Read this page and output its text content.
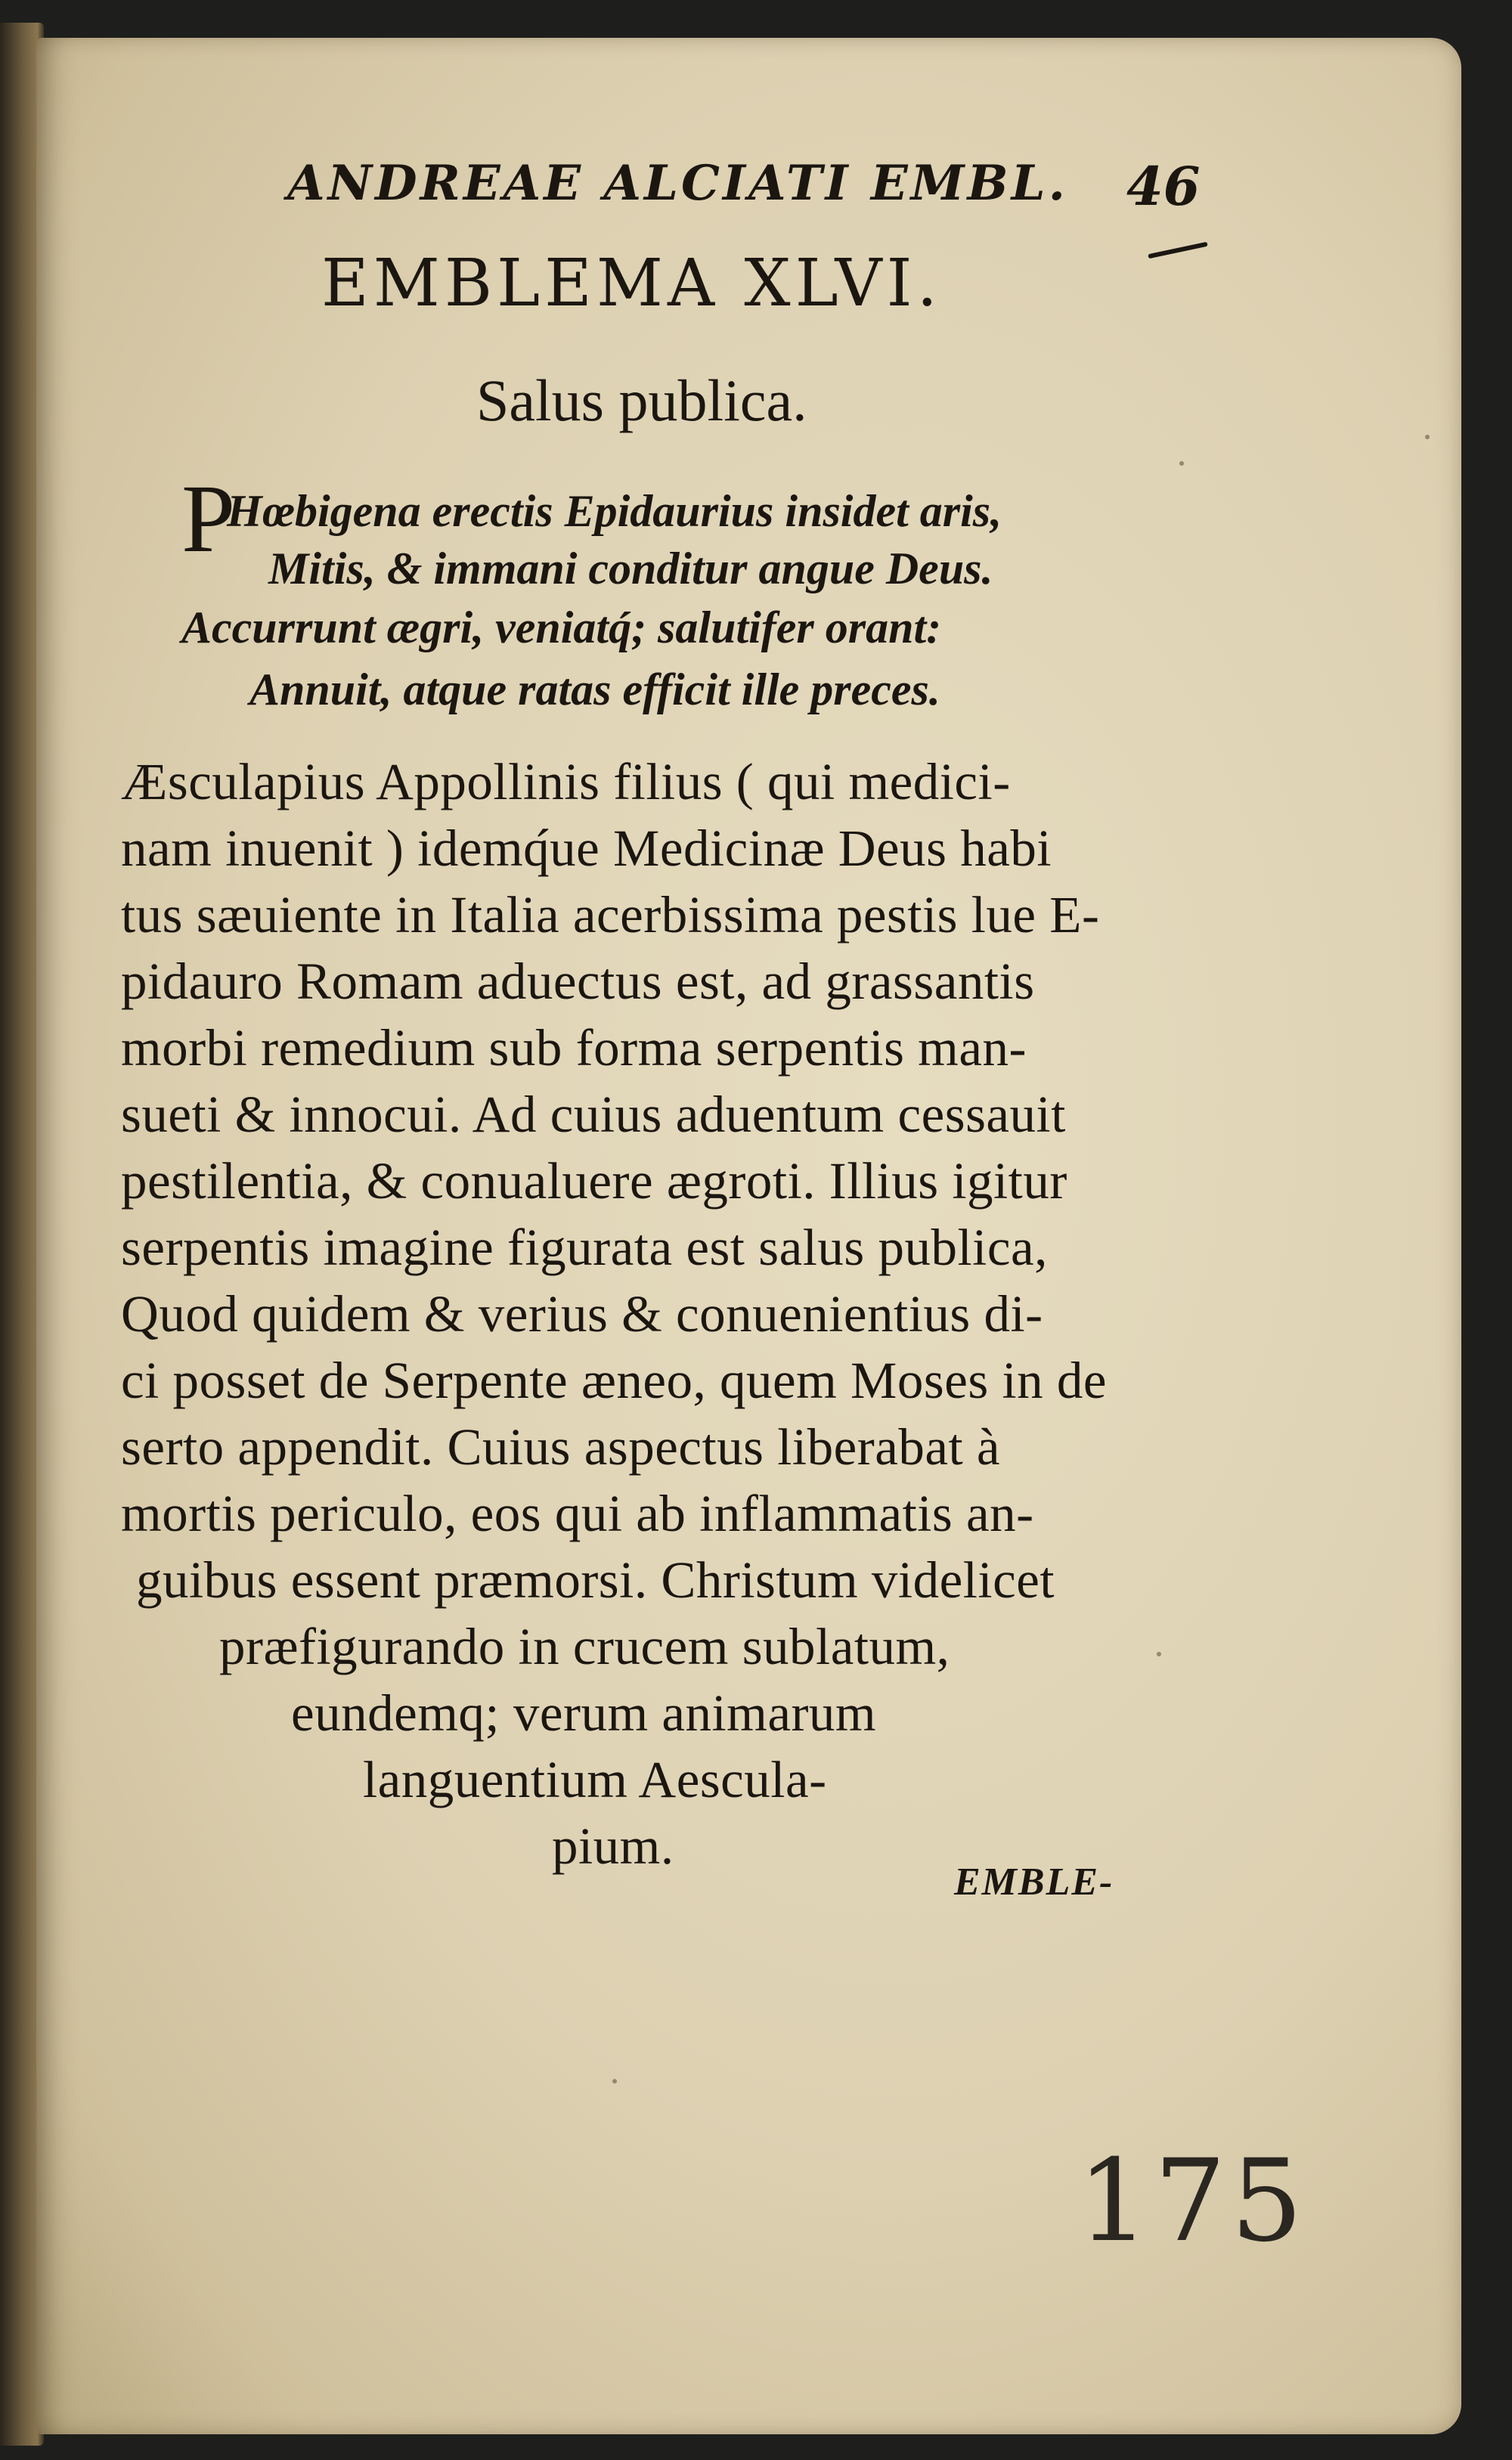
ANDREAE ALCIATI EMBL. 46
EMBLEMA XLVI.
Salus publica.
P
Hœbigena erectis Epidaurius insidet aris,
Mitis, & immani conditur angue Deus.
Accurrunt ægri, veniatq́; salutifer orant:
Annuit, atque ratas efficit ille preces.
Æsculapius Appollinis filius ( qui medici-
nam inuenit ) idemq́ue Medicinæ Deus habi
tus sæuiente in Italia acerbissima pestis lue E-
pidauro Romam aduectus est, ad grassantis
morbi remedium sub forma serpentis man-
sueti & innocui. Ad cuius aduentum cessauit
pestilentia, & conualuere ægroti. Illius igitur
serpentis imagine figurata est salus publica,
Quod quidem & verius & conuenientius di-
ci posset de Serpente æneo, quem Moses in de
serto appendit. Cuius aspectus liberabat à
mortis periculo, eos qui ab inflammatis an-
guibus essent præmorsi. Christum videlicet
præfigurando in crucem sublatum,
eundemq; verum animarum
languentium Aesculа-
pium.
EMBLE-
175
